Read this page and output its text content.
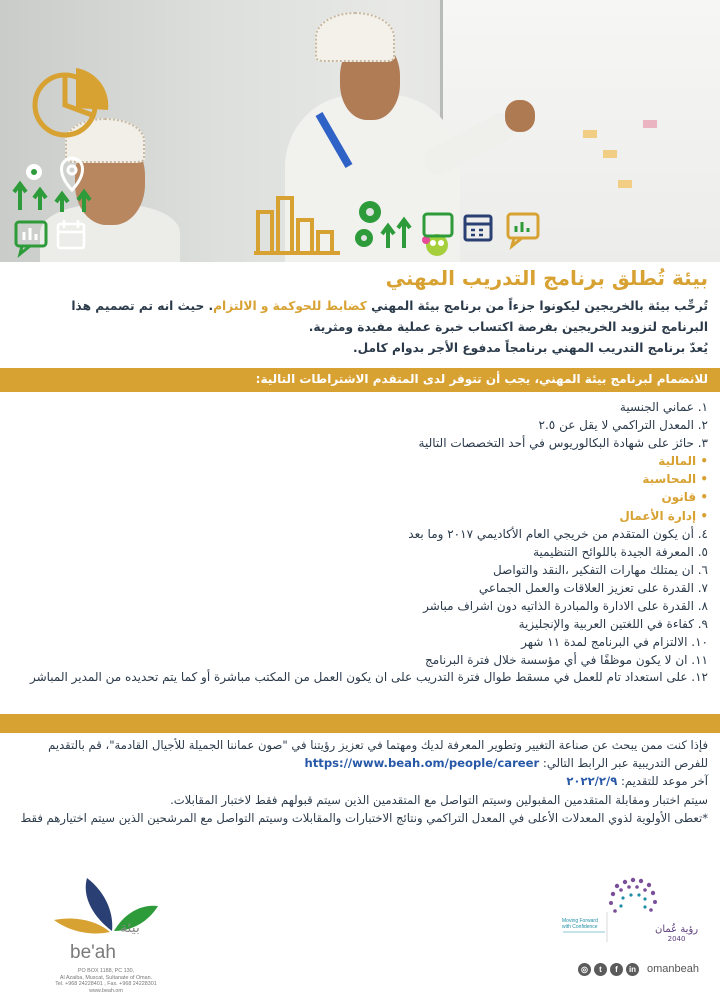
بيئة تُطلق برنامج التدريب المهني
تُرحِّب بيئة بالخريجين ليكونوا جزءاً من برنامج بيئة المهني كضابط للحوكمة و الالتزام. حيث انه تم تصميم هذا
البرنامج لتزويد الخريجين بفرصة اكتساب خبرة عملية مفيدة ومثرية.
يُعدّ برنامج التدريب المهني برنامجاً مدفوع الأجر بدوام كامل.
للانضمام لبرنامج بيئة المهني، يجب أن تتوفر لدى المتقدم الاشتراطات التالية:
١. عماني الجنسية
٢. المعدل التراكمي لا يقل عن ٢.٥
٣. حائز على شهادة البكالوريوس في أحد التخصصات التالية
• المالية
• المحاسبة
• قانون
• إدارة الأعمال
٤. أن يكون المتقدم من خريجي العام الأكاديمي ٢٠١٧ وما بعد
٥. المعرفة الجيدة باللوائح التنظيمية
٦. ان يمتلك مهارات التفكير ،النقد والتواصل
٧. القدرة على تعزيز العلاقات والعمل الجماعي
٨. القدرة على الادارة والمبادرة الذاتيه دون اشراف مباشر
٩. كفاءة في اللغتين العربية والإنجليزية
١٠. الالتزام في البرنامج لمدة ١١ شهر
١١. ان لا يكون موظفًا في أي مؤسسة خلال فترة البرنامج
١٢. على استعداد تام للعمل في مسقط طوال فترة التدريب على ان يكون العمل من المكتب مباشرة أو كما يتم تحديده من المدير المباشر

فإذا كنت ممن يبحث عن صناعة التغيير وتطوير المعرفة لديك ومهتما في تعزيز رؤيتنا في "صون عماننا الجميلة للأجيال القادمة"، قم بالتقديم للفرص التدريبية عبر الرابط التالي: https://www.beah.om/people/career

آخر موعد للتقديم: ٢٠٢٢/٢/٩

سيتم اختبار ومقابلة المتقدمين المقبولين وسيتم التواصل مع المتقدمين الذين سيتم قبولهم فقط لاختبار المقابلات.

*تعطى الأولوية لذوي المعدلات الأعلى في المعدل التراكمي ونتائج الاختبارات والمقابلات وسيتم التواصل مع المرشحين الذين سيتم اختيارهم فقط

بيئة
be'ah
PO BOX 1188, PC 130,
Al Azaiba, Muscat, Sultanate of Oman.
Tel. +968 24228401 , Fax. +968 24228301
www.beah.om
رؤية عُمان
2040
Moving Forward
with Confidence
◎	t	f	in omanbeah
